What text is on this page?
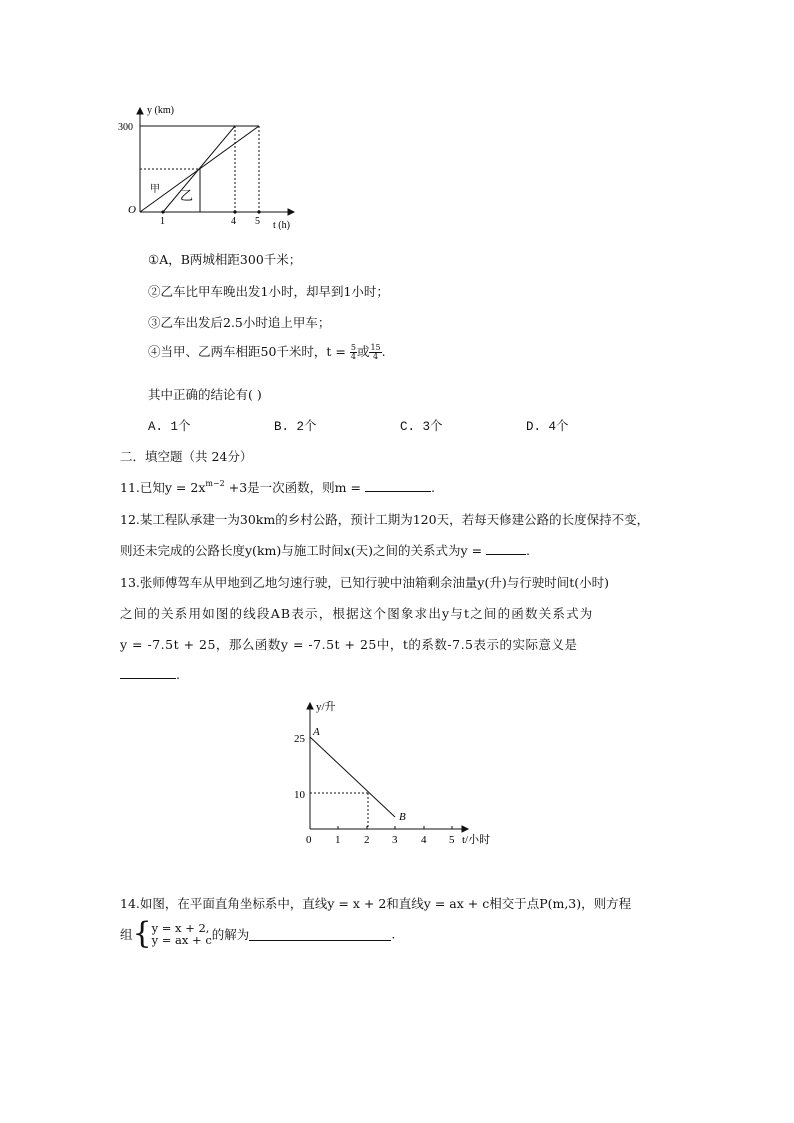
y (km)
300
O
甲 乙
1	4 5 t (h)
①A，B两城相距300千米；
②乙车比甲车晚出发1小时，却早到1小时；
③乙车出发后2.5小时追上甲车；
④当甲、乙两车相距50千米时，$t = \frac{5}{4}$ 或 $\frac{15}{4}$ .
其中正确的结论有( )
A. 1个	B. 2个	C. 3个	D. 4个
二．填空题（共 24分）
11.已知$y = 2x^{m-2} +3$是一次函数，则m =	.
12.某工程队承建一为30km的乡村公路，预计工期为120天，若每天修建公路的长度保持不变，
则还未完成的公路长度y(km)与施工时间x(天)之间的关系式为y =	.
13.张师傅驾车从甲地到乙地匀速行驶，已知行驶中油箱剩余油量y(升)与行驶时间t(小时)
之间的关系用如图的线段AB表示，根据这个图象求出y与t之间的函数关系式为
y = -7.5t + 25，那么函数y = -7.5t + 25中，t的系数-7.5表示的实际意义是
.
y/升
A
B
25
10
0 1 2 3 4 5 t/小时
14.如图，在平面直角坐标系中，直线y = x + 2和直线y = ax + c相交于点P(m,3)，则方程
组{ y = x + 2,
y = ax + c 的解为	.
